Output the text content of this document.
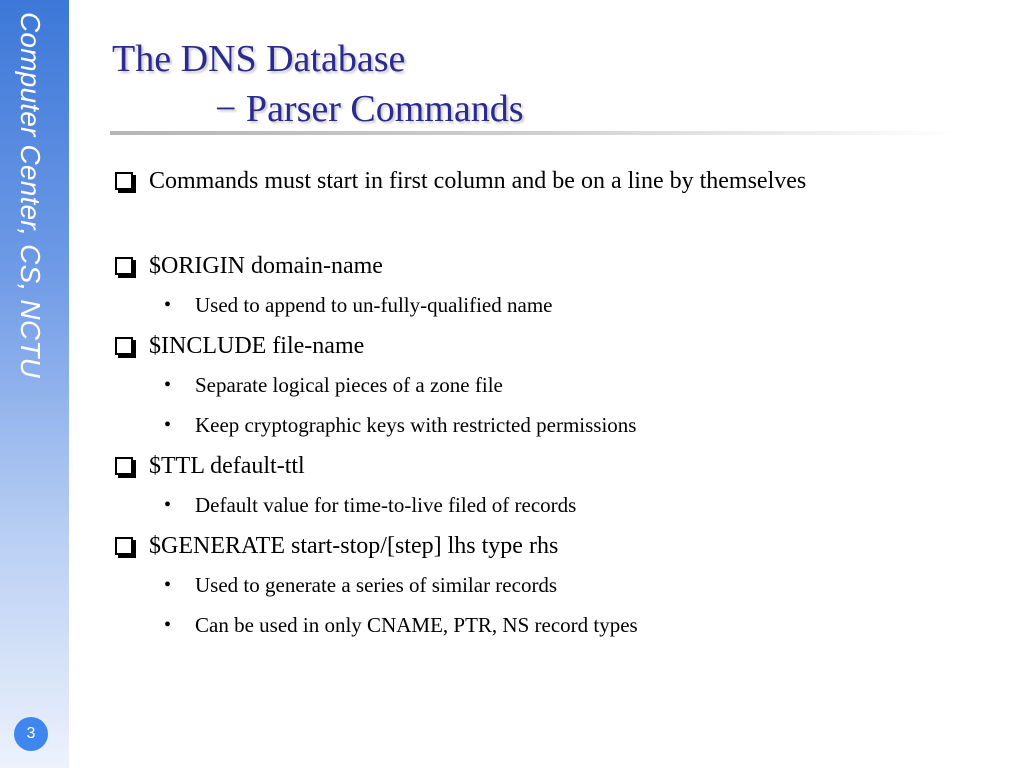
Computer Center, CS, NCTU
3
The DNS Database
− Parser Commands
Commands must start in first column and be on a line by themselves
$ORIGIN domain-name
• Used to append to un-fully-qualified name
$INCLUDE file-name
• Separate logical pieces of a zone file
• Keep cryptographic keys with restricted permissions
$TTL default-ttl
• Default value for time-to-live filed of records
$GENERATE start-stop/[step] lhs type rhs
• Used to generate a series of similar records
• Can be used in only CNAME, PTR, NS record types
